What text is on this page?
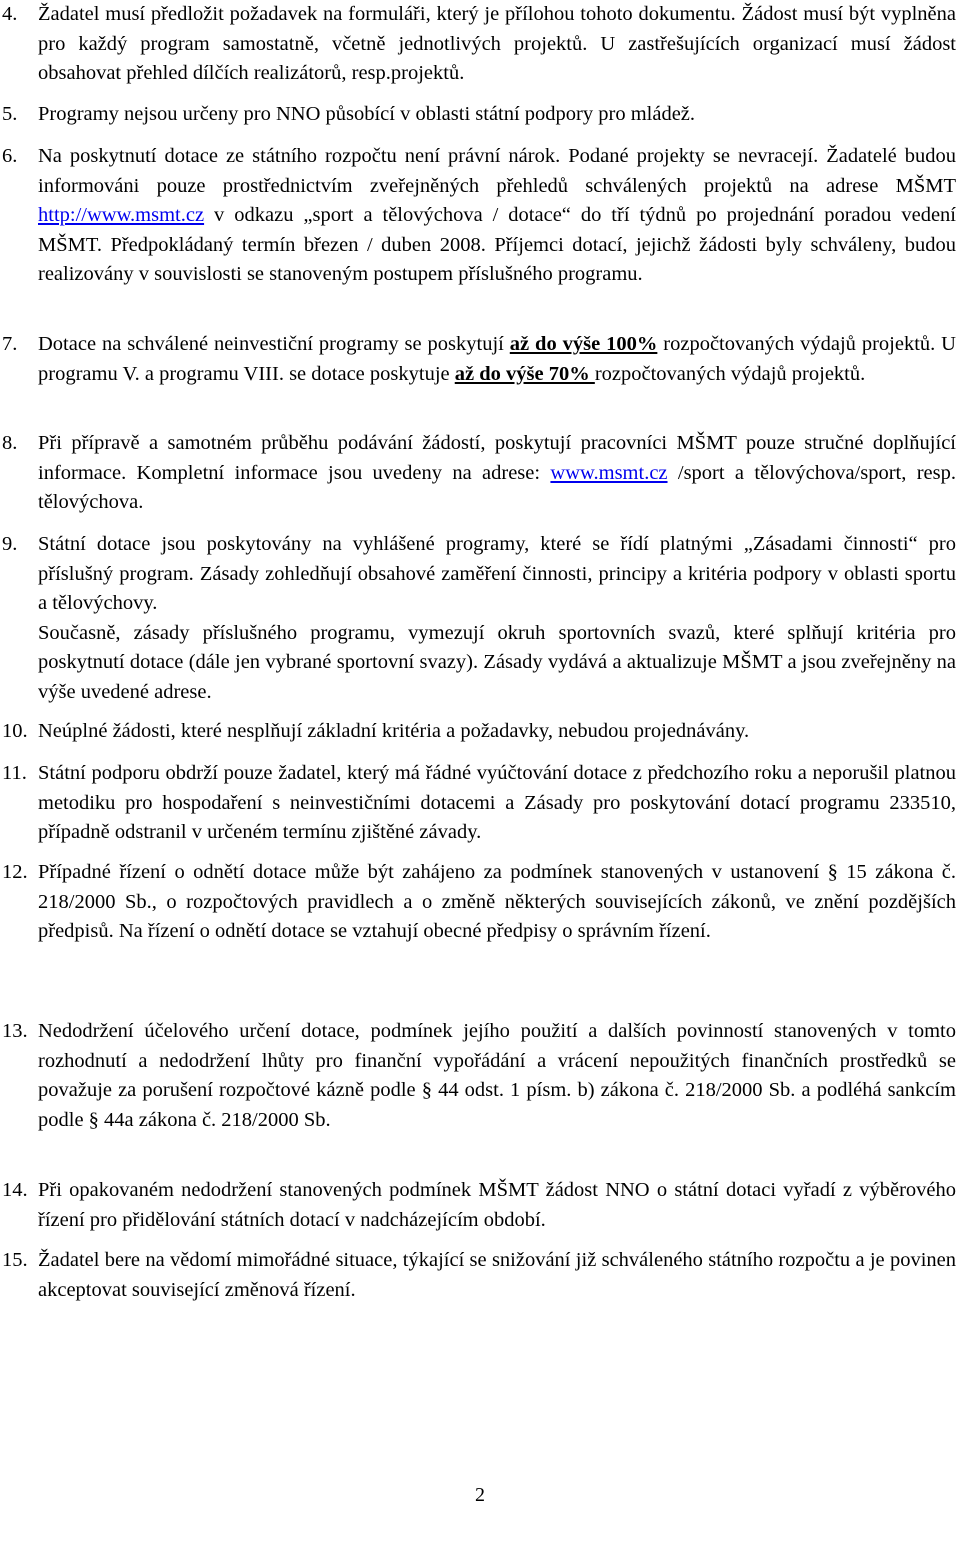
4. Žadatel musí předložit požadavek na formuláři, který je přílohou tohoto dokumentu. Žádost musí být vyplněna pro každý program samostatně, včetně jednotlivých projektů. U zastřešujících organizací musí žádost obsahovat přehled dílčích realizátorů, resp.projektů.
5. Programy nejsou určeny pro NNO působící v oblasti státní podpory pro mládež.
6. Na poskytnutí dotace ze státního rozpočtu není právní nárok. Podané projekty se nevracejí. Žadatelé budou informováni pouze prostřednictvím zveřejněných přehledů schválených projektů na adrese MŠMT http://www.msmt.cz v odkazu „sport a tělovýchova / dotace“ do tří týdnů po projednání poradou vedení MŠMT. Předpokládaný termín březen / duben 2008. Příjemci dotací, jejichž žádosti byly schváleny, budou realizovány v souvislosti se stanoveným postupem příslušného programu.
7. Dotace na schválené neinvestiční programy se poskytují až do výše 100% rozpočtovaných výdajů projektů. U programu V. a programu VIII. se dotace poskytuje až do výše 70% rozpočtovaných výdajů projektů.
8. Při přípravě a samotném průběhu podávání žádostí, poskytují pracovníci MŠMT pouze stručné doplňující informace. Kompletní informace jsou uvedeny na adrese: www.msmt.cz /sport a tělovýchova/sport, resp. tělovýchova.
9. Státní dotace jsou poskytovány na vyhlášené programy, které se řídí platnými „Zásadami činnosti“ pro příslušný program. Zásady zohledňují obsahové zaměření činnosti, principy a kritéria podpory v oblasti sportu a tělovýchovy.
Současně, zásady příslušného programu, vymezují okruh sportovních svazů, které splňují kritéria pro poskytnutí dotace (dále jen vybrané sportovní svazy). Zásady vydává a aktualizuje MŠMT a jsou zveřejněny na výše uvedené adrese.
10. Neúplné žádosti, které nesplňují základní kritéria a požadavky, nebudou projednávány.
11. Státní podporu obdrží pouze žadatel, který má řádné vyúčtování dotace z předchozího roku a neporušil platnou metodiku pro hospodaření s neinvestičními dotacemi a Zásady pro poskytování dotací programu 233510, případně odstranil v určeném termínu zjištěné závady.
12. Případné řízení o odnětí dotace může být zahájeno za podmínek stanovených v ustanovení § 15 zákona č. 218/2000 Sb., o rozpočtových pravidlech a o změně některých souvisejících zákonů, ve znění pozdějších předpisů. Na řízení o odnětí dotace se vztahují obecné předpisy o správním řízení.
13. Nedodržení účelového určení dotace, podmínek jejího použití a dalších povinností stanovených v tomto rozhodnutí a nedodržení lhůty pro finanční vypořádání a vrácení nepoužitých finančních prostředků se považuje za porušení rozpočtové kázně podle § 44 odst. 1 písm. b) zákona č. 218/2000 Sb. a podléhá sankcím podle § 44a zákona č. 218/2000 Sb.
14. Při opakovaném nedodržení stanovených podmínek MŠMT žádost NNO o státní dotaci vyřadí z výběrového řízení pro přidělování státních dotací v nadcházejícím období.
15. Žadatel bere na vědomí mimořádné situace, týkající se snižování již schváleného státního rozpočtu a je povinen akceptovat související změnová řízení.
2
